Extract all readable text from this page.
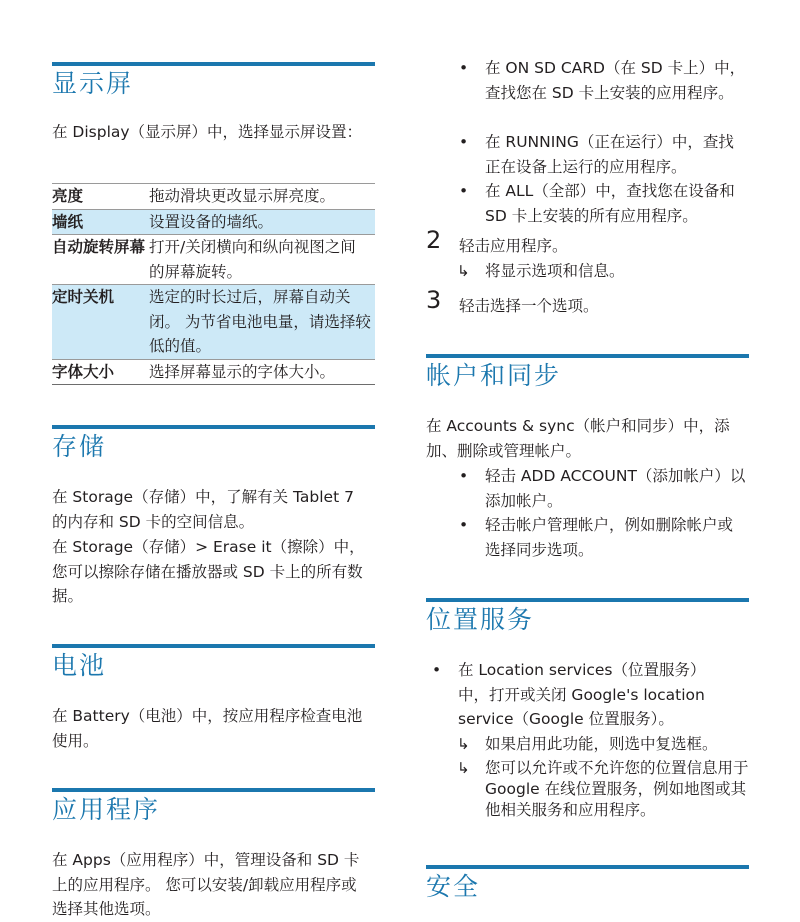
显示屏
在 Display（显示屏）中，选择显示屏设置：
亮度	拖动滑块更改显示屏亮度。
墙纸	设置设备的墙纸。
自动旋转屏幕	打开/关闭横向和纵向视图之间的屏幕旋转。
定时关机	选定的时长过后，屏幕自动关闭。 为节省电池电量，请选择较低的值。
字体大小	选择屏幕显示的字体大小。
存储
在 Storage（存储）中，了解有关 Tablet 7 的内存和 SD 卡的空间信息。
在 Storage（存储）> Erase it（擦除）中，您可以擦除存储在播放器或 SD 卡上的所有数据。
电池
在 Battery（电池）中，按应用程序检查电池使用。
应用程序
在 Apps（应用程序）中，管理设备和 SD 卡上的应用程序。 您可以安装/卸载应用程序或选择其他选项。
• 在 ON SD CARD（在 SD 卡上）中，查找您在 SD 卡上安装的应用程序。
• 在 RUNNING（正在运行）中，查找正在设备上运行的应用程序。
• 在 ALL（全部）中，查找您在设备和 SD 卡上安装的所有应用程序。
2 轻击应用程序。
↳ 将显示选项和信息。
3 轻击选择一个选项。
帐户和同步
在 Accounts & sync（帐户和同步）中，添加、删除或管理帐户。
• 轻击 ADD ACCOUNT（添加帐户）以添加帐户。
• 轻击帐户管理帐户，例如删除帐户或选择同步选项。
位置服务
• 在 Location services（位置服务）中，打开或关闭 Google's location service（Google 位置服务）。
↳ 如果启用此功能，则选中复选框。
↳ 您可以允许或不允许您的位置信息用于 Google 在线位置服务，例如地图或其他相关服务和应用程序。
安全
